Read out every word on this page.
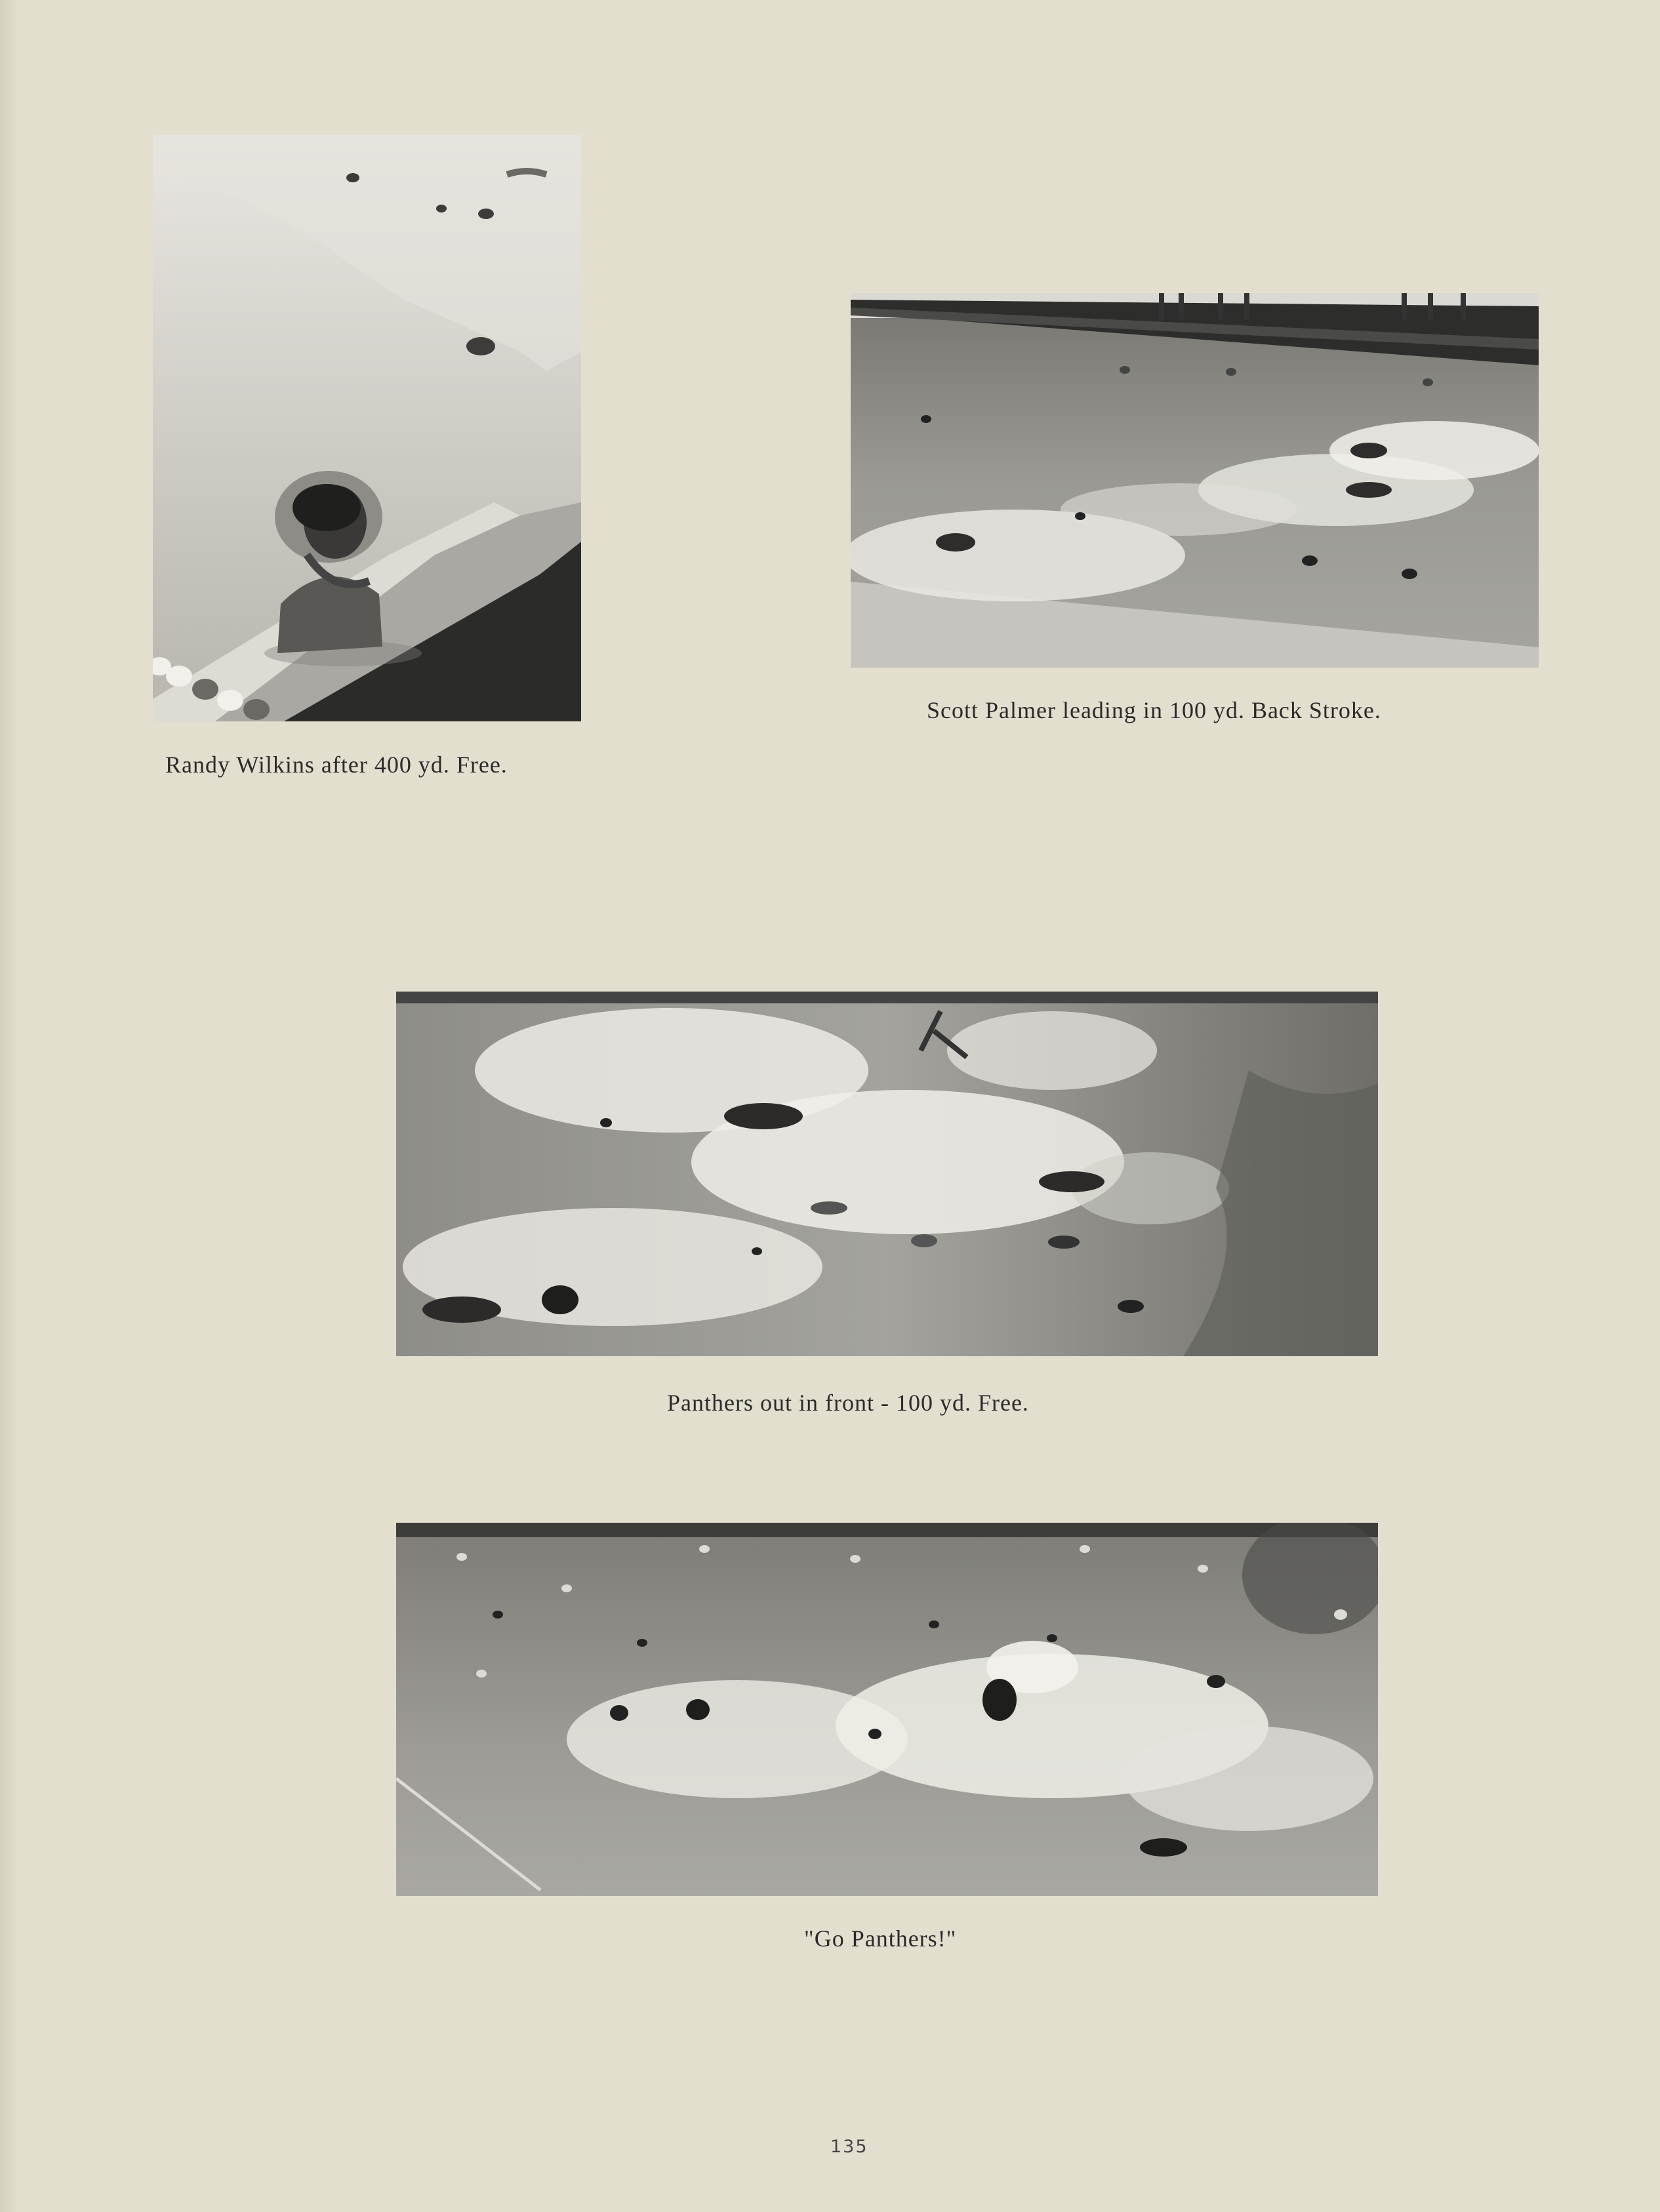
Randy Wilkins after 400 yd. Free.
Scott Palmer leading in 100 yd. Back Stroke.
Panthers out in front - 100 yd. Free.
"Go Panthers!"
135
